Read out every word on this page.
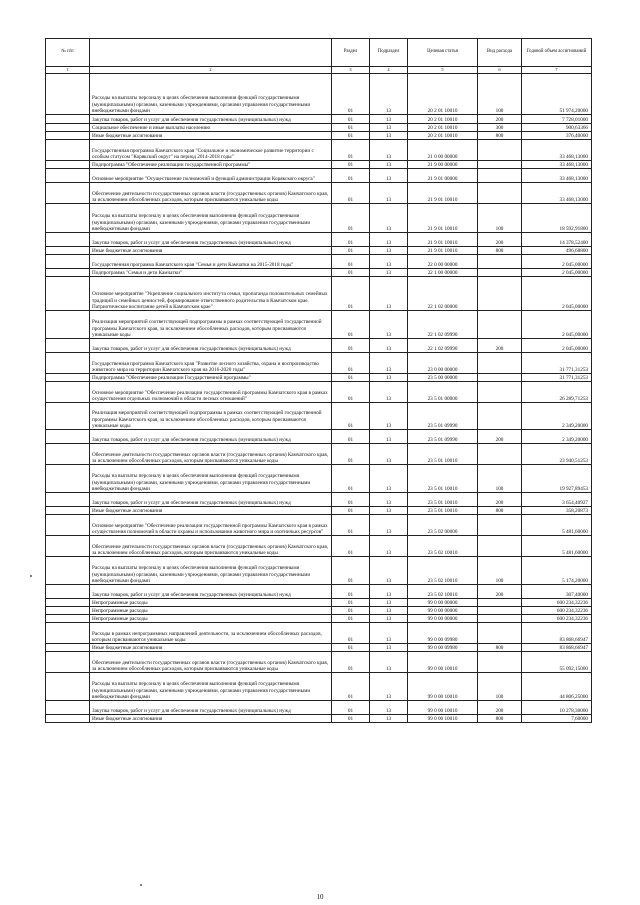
№ п/п		Раздел	Подраздел	Целевая статья	Вид расхода	Годовой объем ассигнований
1	2	3	4	5	6	7
	Расходы на выплаты персоналу в целях обеспечения выполнения функций государственными (муниципальными) органами, казенными учреждениями, органами управления государственными внебюджетными фондами	01	13	20 2 01 10010	100	51 974,20000
	Закупка товаров, работ и услуг для обеспечения государственных (муниципальных) нужд	01	13	20 2 01 10010	200	7 728,01000
	Социальное обеспечение и иные выплаты населению	01	13	20 2 01 10010	300	900,63366
	Иные бюджетные ассигнования	01	13	20 2 01 10010	800	376,40000
	Государственная программа Камчатского края "Социальное и экономическое развитие территории с особым статусом "Корякский округ" на период 2014-2018 годы"	01	13	21 0 00 00000		33 468,13000
	Подпрограмма "Обеспечение реализации государственной программы"	01	13	21 9 00 00000		33 468,13000
	Основное мероприятие "Осуществление полномочий и функций администрации Корякского округа"	01	13	21 9 01 00000		33 468,13000
	Обеспечение деятельности государственных органов власти (государственных органов) Камчатского края, за исключением обособленных расходов, которым присваиваются уникальные коды	01	13	21 9 01 10010		33 468,13000
	Расходы на выплаты персоналу в целях обеспечения выполнения функций государственными (муниципальными) органами, казенными учреждениями, органами управления государственными внебюджетными фондами	01	13	21 9 01 10010	100	18 592,91800
	Закупка товаров, работ и услуг для обеспечения государственных (муниципальных) нужд	01	13	21 9 01 10010	200	14 378,52400
	Иные бюджетные ассигнования	01	13	21 9 01 10010	800	496,68800
	Государственная программа Камчатского края "Семья и дети Камчатки на 2015-2018 годы"	01	13	22 0 00 00000		2 045,00000
	Подпрограмма "Семья и дети Камчатки"	01	13	22 1 00 00000		2 045,00000
	Основное мероприятие "Укрепление социального института семьи, пропаганда положительных семейных традиций и семейных ценностей, формирование ответственного родительства в Камчатском крае. Патриотическое воспитание детей в Камчатском крае"	01	13	22 1 02 00000		2 045,00000
	Реализация мероприятий соответствующей подпрограммы в рамках соответствующей государственной программы Камчатского края, за исключением обособленных расходов, которым присваиваются уникальные коды	01	13	22 1 02 09990		2 045,00000
	Закупка товаров, работ и услуг для обеспечения государственных (муниципальных) нужд	01	13	22 1 02 09990	200	2 045,00000
	Государственная программа Камчатского края "Развитие лесного хозяйства, охрана и воспроизводство животного мира на территории Камчатского края на 2016-2020 годы"	01	13	23 0 00 00000		31 771,31253
	Подпрограмма "Обеспечение реализации Государственной программы"	01	13	23 5 00 00000		31 771,31253
	Основное мероприятие "Обеспечение реализации государственной программы Камчатского края в рамках осуществления отдельных полномочий в области лесных отношений"	01	13	23 5 01 00000		26 289,71253
	Реализация мероприятий соответствующей подпрограммы в рамках соответствующей государственной программы Камчатского края, за исключением обособленных расходов, которым присваиваются уникальные коды	01	13	23 5 01 09990		2 349,20000
	Закупка товаров, работ и услуг для обеспечения государственных (муниципальных) нужд	01	13	23 5 01 09990	200	2 349,20000
	Обеспечение деятельности государственных органов власти (государственных органов) Камчатского края, за исключением обособленных расходов, которым присваиваются уникальные коды	01	13	23 5 01 10010		23 940,51253
	Расходы на выплаты персоналу в целях обеспечения выполнения функций государственными (муниципальными) органами, казенными учреждениями, органами управления государственными внебюджетными фондами	01	13	23 5 01 10010	100	19 927,89453
	Закупка товаров, работ и услуг для обеспечения государственных (муниципальных) нужд	01	13	23 5 01 10010	200	3 654,40927
	Иные бюджетные ассигнования	01	13	23 5 01 10010	800	358,20873
	Основное мероприятие "Обеспечение реализации государственной программы Камчатского края в рамках осуществления полномочий в области охраны и использования животного мира и охотничьих ресурсов"	01	13	23 5 02 00000		5 481,60000
	Обеспечение деятельности государственных органов власти (государственных органов) Камчатского края, за исключением обособленных расходов, которым присваиваются уникальные коды	01	13	23 5 02 10010		5 481,60000
	Расходы на выплаты персоналу в целях обеспечения выполнения функций государственными (муниципальными) органами, казенными учреждениями, органами управления государственными внебюджетными фондами	01	13	23 5 02 10010	100	5 174,20000
	Закупка товаров, работ и услуг для обеспечения государственных (муниципальных) нужд	01	13	23 5 02 10010	200	307,40000
	Непрограммные расходы	01	13	99 0 00 00000		600 234,32236
	Непрограммные расходы	01	13	99 0 00 00000		600 234,32236
	Непрограммные расходы	01	13	99 0 00 00000		600 234,32236
	Расходы в рамках непрограммных направлений деятельности, за исключением обособленных расходов, которым присваиваются уникальные коды	01	13	99 0 00 09980		83 868,66947
	Иные бюджетные ассигнования	01	13	99 0 00 09980	800	83 868,66947
	Обеспечение деятельности государственных органов власти (государственных органов) Камчатского края, за исключением обособленных расходов, которым присваиваются уникальные коды	01	13	99 0 00 10010		55 092,15000
	Расходы на выплаты персоналу в целях обеспечения выполнения функций государственными (муниципальными) органами, казенными учреждениями, органами управления государственными внебюджетными фондами	01	13	99 0 00 10010	100	44 806,25000
	Закупка товаров, работ и услуг для обеспечения государственных (муниципальных) нужд	01	13	99 0 00 10010	200	10 278,30000
	Иные бюджетные ассигнования	01	13	99 0 00 10010	800	7,60000
10
